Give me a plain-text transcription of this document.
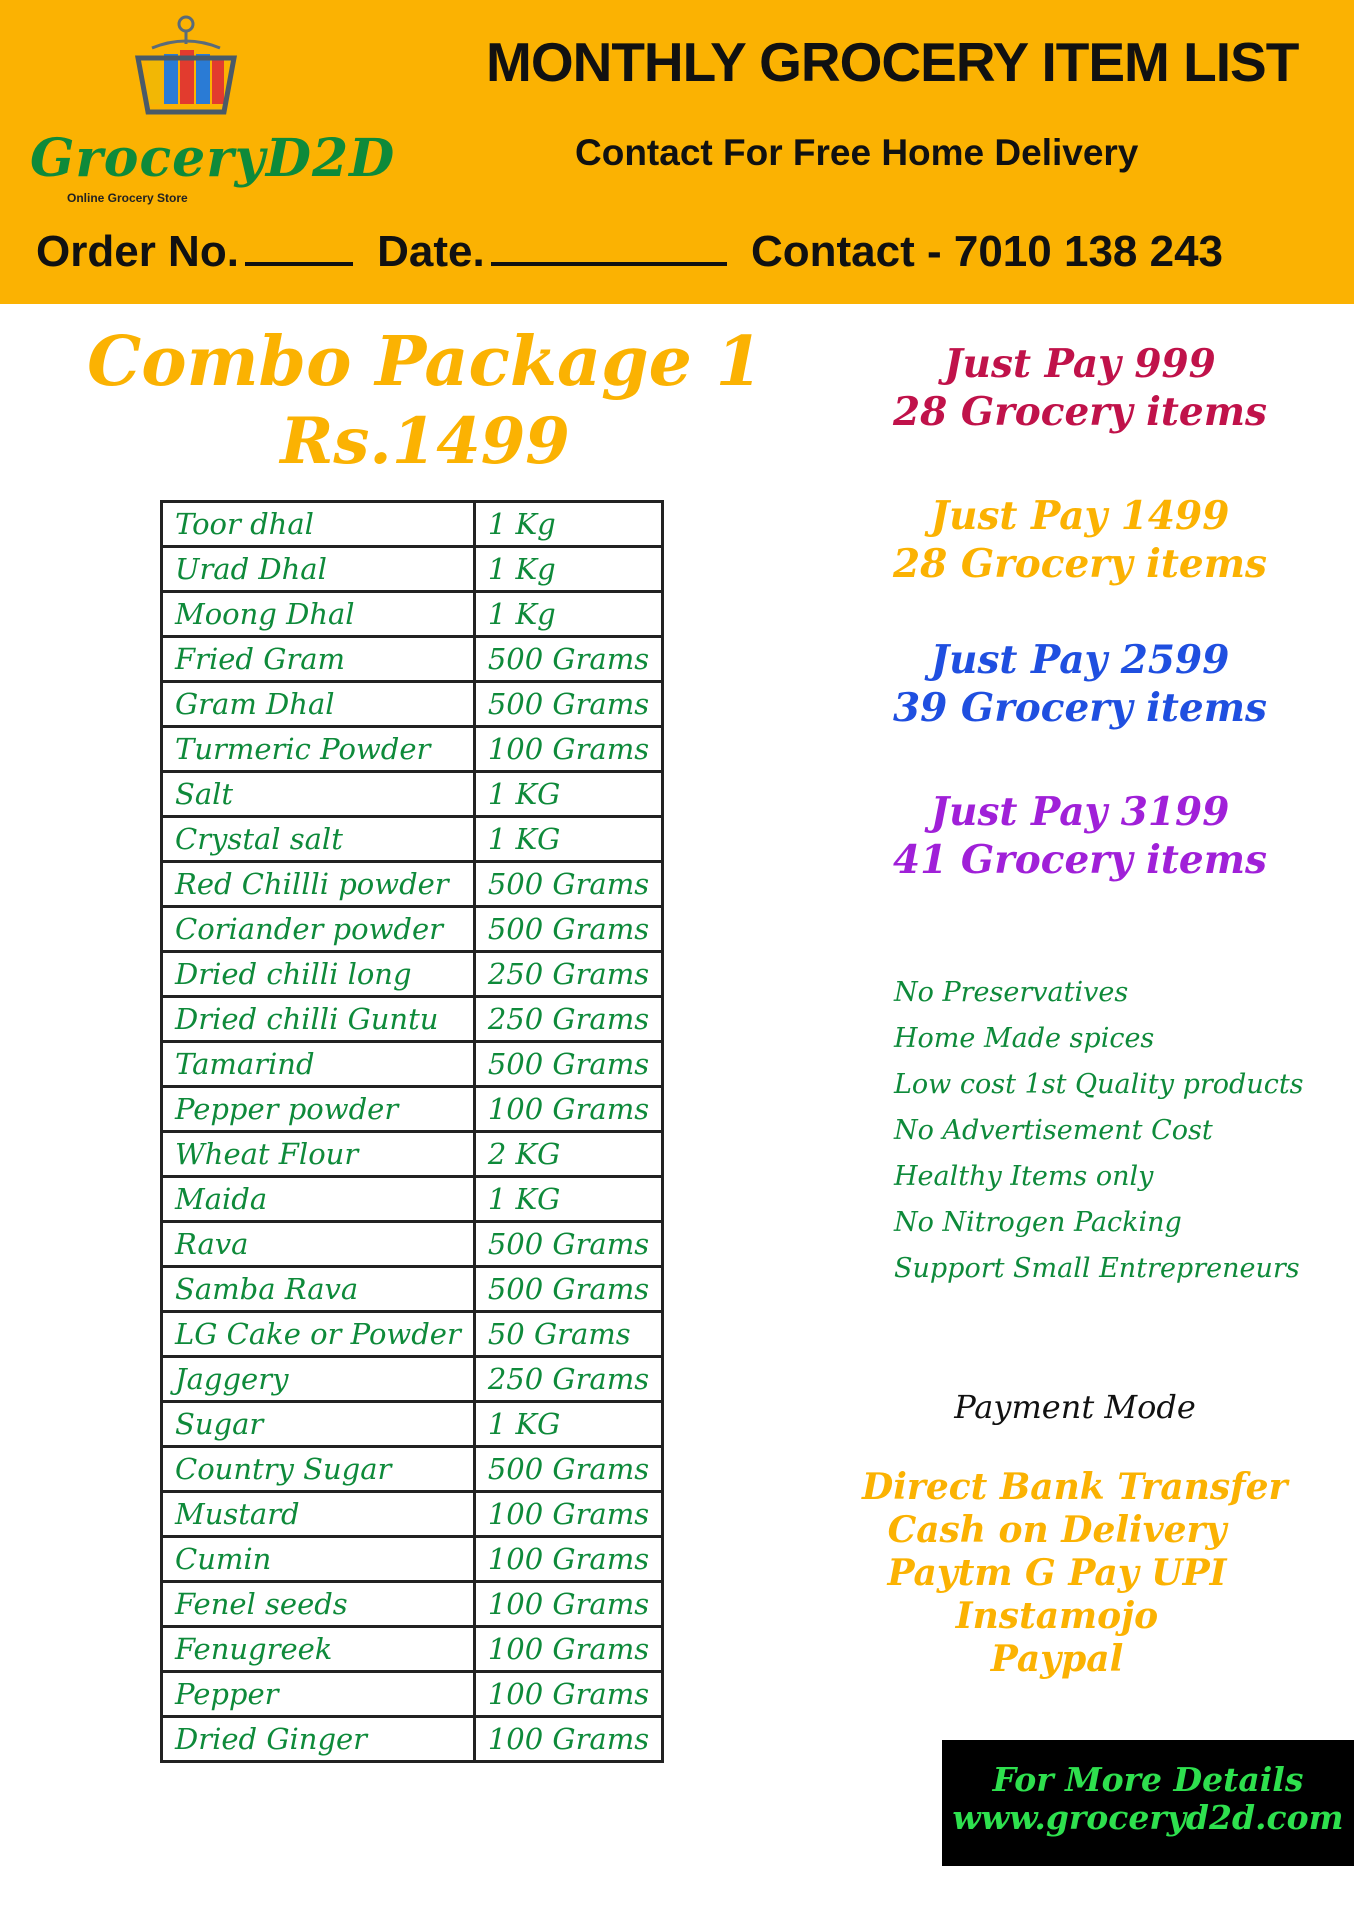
GroceryD2D
Online Grocery Store
MONTHLY GROCERY ITEM LIST
Contact For Free Home Delivery
Order No.	Date.	Contact - 7010 138 243
Combo Package 1
Rs.1499
Toor dhal	1 Kg
Urad Dhal	1 Kg
Moong Dhal	1 Kg
Fried Gram	500 Grams
Gram Dhal	500 Grams
Turmeric Powder	100 Grams
Salt	1 KG
Crystal salt	1 KG
Red Chillli powder	500 Grams
Coriander powder	500 Grams
Dried chilli long	250 Grams
Dried chilli Guntu	250 Grams
Tamarind	500 Grams
Pepper powder	100 Grams
Wheat Flour	2 KG
Maida	1 KG
Rava	500 Grams
Samba Rava	500 Grams
LG Cake or Powder	50 Grams
Jaggery	250 Grams
Sugar	1 KG
Country Sugar	500 Grams
Mustard	100 Grams
Cumin	100 Grams
Fenel seeds	100 Grams
Fenugreek	100 Grams
Pepper	100 Grams
Dried Ginger	100 Grams
Just Pay 999
28 Grocery items
Just Pay 1499
28 Grocery items
Just Pay 2599
39 Grocery items
Just Pay 3199
41 Grocery items
No Preservatives
Home Made spices
Low cost 1st Quality products
No Advertisement Cost
Healthy Items only
No Nitrogen Packing
Support Small Entrepreneurs
Payment Mode
Direct Bank Transfer
Cash on Delivery
Paytm G Pay UPI
Instamojo
Paypal
For More Details
www.groceryd2d.com
